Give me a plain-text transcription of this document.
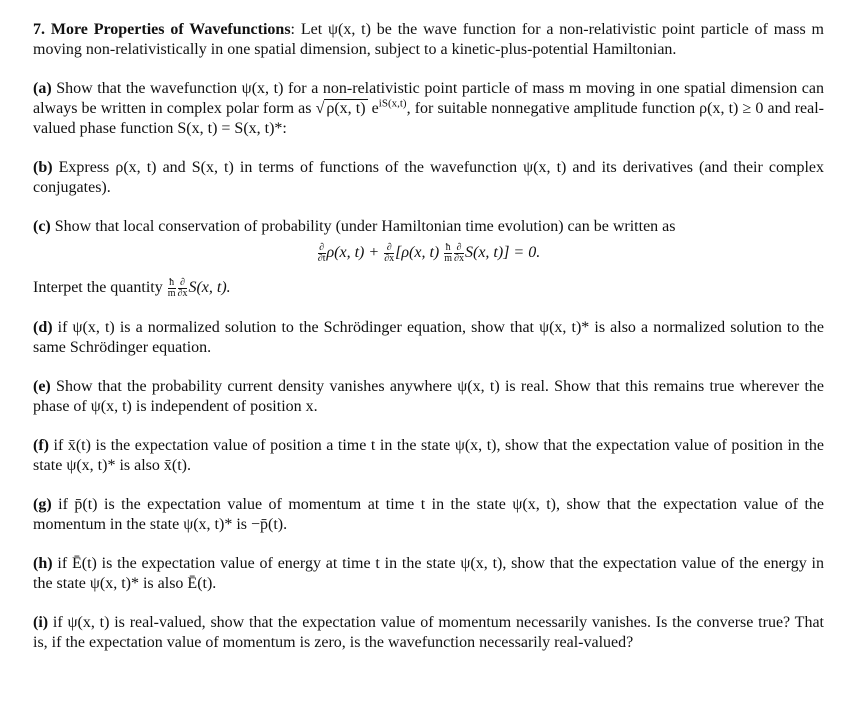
7. More Properties of Wavefunctions: Let ψ(x, t) be the wave function for a non-relativistic point particle of mass m moving non-relativistically in one spatial dimension, subject to a kinetic-plus-potential Hamiltonian.

(a) Show that the wavefunction ψ(x, t) for a non-relativistic point particle of mass m moving in one spatial dimension can always be written in complex polar form as √ ρ(x, t) $e^{iS(x,t)}$, for suitable nonnegative amplitude function ρ(x, t) ≥ 0 and real-valued phase function S(x, t) = S(x, t)*:

(b) Express ρ(x, t) and S(x, t) in terms of functions of the wavefunction ψ(x, t) and its derivatives (and their complex conjugates).

(c) Show that local conservation of probability (under Hamiltonian time evolution) can be written as

$\frac{\partial}{\partial t} \rho(x$, $t) + \frac{\partial}{\partial x} [\rho(x$, $t) \frac{ħ}{m} \frac{\partial}{\partial x} S(x$, t)] = 0.

Interpet the quantity $\frac{ħ}{m} \frac{\partial}{\partial x} S(x$, t).

(d) if ψ(x, t) is a normalized solution to the Schrödinger equation, show that ψ(x, t)* is also a normalized solution to the same Schrödinger equation.

(e) Show that the probability current density vanishes anywhere ψ(x, t) is real. Show that this remains true wherever the phase of ψ(x, t) is independent of position x.

(f) if x̄(t) is the expectation value of position a time t in the state ψ(x, t), show that the expectation value of position in the state ψ(x, t)* is also x̄(t).

(g) if p̄(t) is the expectation value of momentum at time t in the state ψ(x, t), show that the expectation value of the momentum in the state ψ(x, t)* is −p̄(t).

(h) if Ē(t) is the expectation value of energy at time t in the state ψ(x, t), show that the expectation value of the energy in the state ψ(x, t)* is also Ē(t).

(i) if ψ(x, t) is real-valued, show that the expectation value of momentum necessarily vanishes. Is the converse true? That is, if the expectation value of momentum is zero, is the wavefunction necessarily real-valued?
